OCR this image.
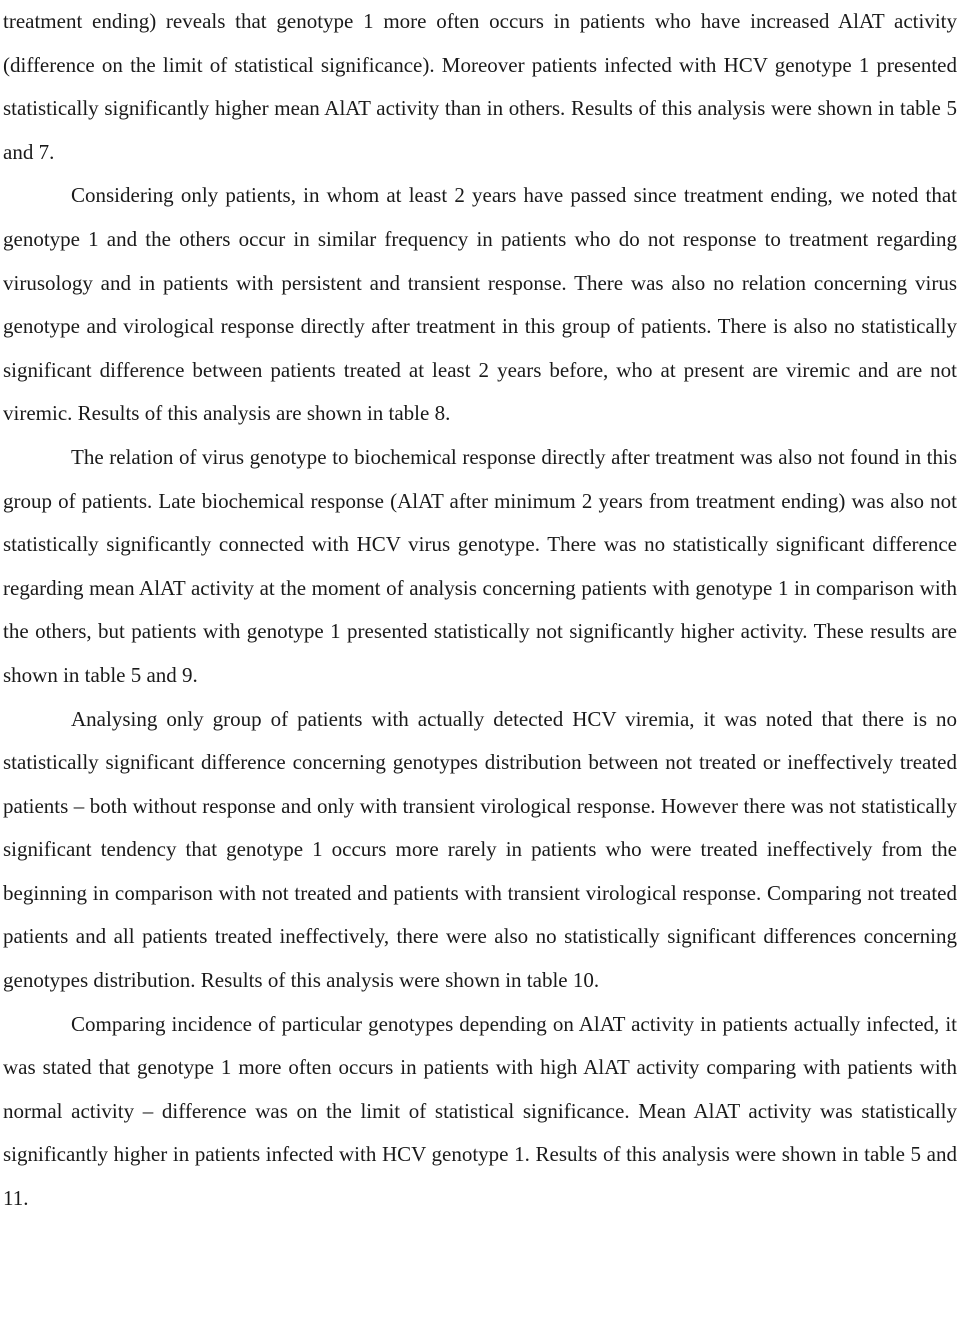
treatment ending) reveals that genotype 1 more often occurs in patients who have increased AlAT activity (difference on the limit of statistical significance). Moreover patients infected with HCV genotype 1 presented statistically significantly higher mean AlAT activity than in others. Results of this analysis were shown in table 5 and 7.

Considering only patients, in whom at least 2 years have passed since treatment ending, we noted that genotype 1 and the others occur in similar frequency in patients who do not response to treatment regarding virusology and in patients with persistent and transient response. There was also no relation concerning virus genotype and virological response directly after treatment in this group of patients. There is also no statistically significant difference between patients treated at least 2 years before, who at present are viremic and are not viremic. Results of this analysis are shown in table 8.

The relation of virus genotype to biochemical response directly after treatment was also not found in this group of patients. Late biochemical response (AlAT after minimum 2 years from treatment ending) was also not statistically significantly connected with HCV virus genotype. There was no statistically significant difference regarding mean AlAT activity at the moment of analysis concerning patients with genotype 1 in comparison with the others, but patients with genotype 1 presented statistically not significantly higher activity. These results are shown in table 5 and 9.

Analysing only group of patients with actually detected HCV viremia, it was noted that there is no statistically significant difference concerning genotypes distribution between not treated or ineffectively treated patients – both without response and only with transient virological response. However there was not statistically significant tendency that genotype 1 occurs more rarely in patients who were treated ineffectively from the beginning in comparison with not treated and patients with transient virological response. Comparing not treated patients and all patients treated ineffectively, there were also no statistically significant differences concerning genotypes distribution. Results of this analysis were shown in table 10.

Comparing incidence of particular genotypes depending on AlAT activity in patients actually infected, it was stated that genotype 1 more often occurs in patients with high AlAT activity comparing with patients with normal activity – difference was on the limit of statistical significance. Mean AlAT activity was statistically significantly higher in patients infected with HCV genotype 1. Results of this analysis were shown in table 5 and 11.
